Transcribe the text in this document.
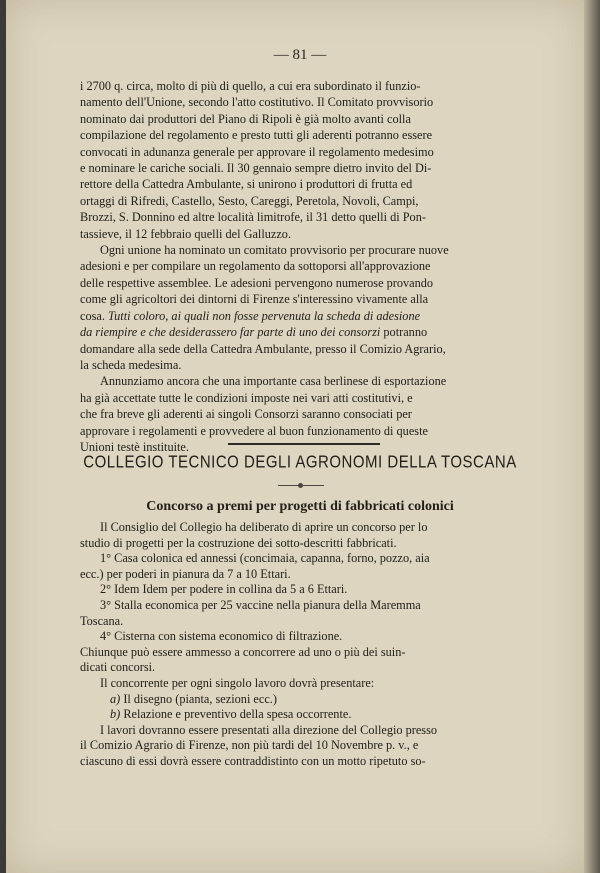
— 81 —

i 2700 q. circa, molto di più di quello, a cui era subordinato il funzio-

namento dell'Unione, secondo l'atto costitutivo. Il Comitato provvisorio

nominato dai produttori del Piano di Ripoli è già molto avanti colla

compilazione del regolamento e presto tutti gli aderenti potranno essere

convocati in adunanza generale per approvare il regolamento medesimo

e nominare le cariche sociali. Il 30 gennaio sempre dietro invito del Di-

rettore della Cattedra Ambulante, si unirono i produttori di frutta ed

ortaggi di Rifredi, Castello, Sesto, Careggi, Peretola, Novoli, Campi,

Brozzi, S. Donnino ed altre località limitrofe, il 31 detto quelli di Pon-

tassieve, il 12 febbraio quelli del Galluzzo.

Ogni unione ha nominato un comitato provvisorio per procurare nuove

adesioni e per compilare un regolamento da sottoporsi all'approvazione

delle respettive assemblee. Le adesioni pervengono numerose provando

come gli agricoltori dei dintorni di Firenze s'interessino vivamente alla

cosa. Tutti coloro, ai quali non fosse pervenuta la scheda di adesione

da riempire e che desiderassero far parte di uno dei consorzi potranno

domandare alla sede della Cattedra Ambulante, presso il Comizio Agrario,

la scheda medesima.

Annunziamo ancora che una importante casa berlinese di esportazione

ha già accettate tutte le condizioni imposte nei vari atti costitutivi, e

che fra breve gli aderenti ai singoli Consorzi saranno consociati per

approvare i regolamenti e provvedere al buon funzionamento di queste

Unioni testè instituite.

COLLEGIO TECNICO DEGLI AGRONOMI DELLA TOSCANA
Concorso a premi per progetti di fabbricati colonici

Il Consiglio del Collegio ha deliberato di aprire un concorso per lo

studio di progetti per la costruzione dei sotto-descritti fabbricati.

1° Casa colonica ed annessi (concimaia, capanna, forno, pozzo, aia

ecc.) per poderi in pianura da 7 a 10 Ettari.

2° Idem Idem per podere in collina da 5 a 6 Ettari.

3° Stalla economica per 25 vaccine nella pianura della Maremma

Toscana.

4° Cisterna con sistema economico di filtrazione.

Chiunque può essere ammesso a concorrere ad uno o più dei suin-

dicati concorsi.

Il concorrente per ogni singolo lavoro dovrà presentare:

a) Il disegno (pianta, sezioni ecc.)

b) Relazione e preventivo della spesa occorrente.

I lavori dovranno essere presentati alla direzione del Collegio presso

il Comizio Agrario di Firenze, non più tardi del 10 Novembre p. v., e

ciascuno di essi dovrà essere contraddistinto con un motto ripetuto so-
